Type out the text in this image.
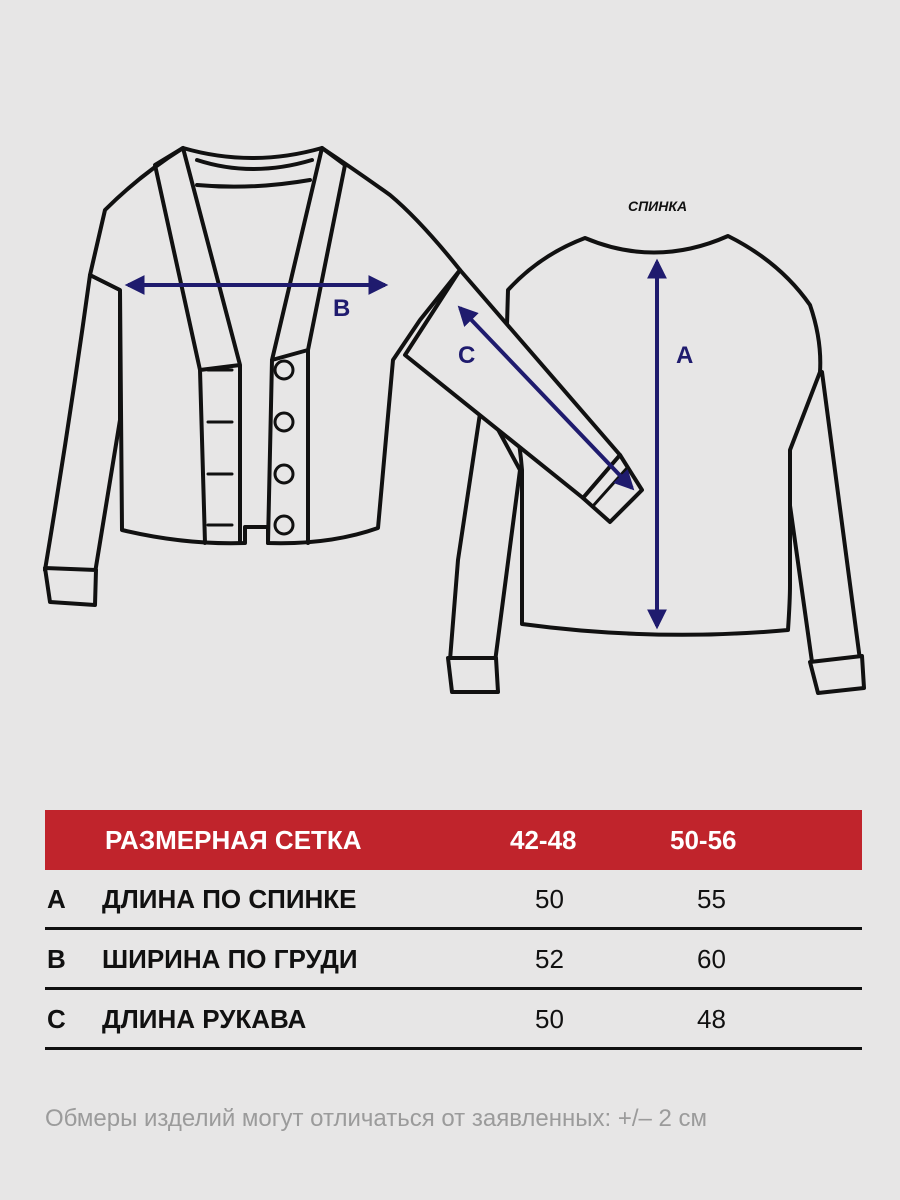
A
B
C
СПИНКА
РАЗМЕРНАЯ СЕТКА	42-48	50-56
A ДЛИНА ПО СПИНКЕ	50	55
B ШИРИНА ПО ГРУДИ	52	60
C ДЛИНА РУКАВА	50	48
Обмеры изделий могут отличаться от заявленных: +/– 2 см
